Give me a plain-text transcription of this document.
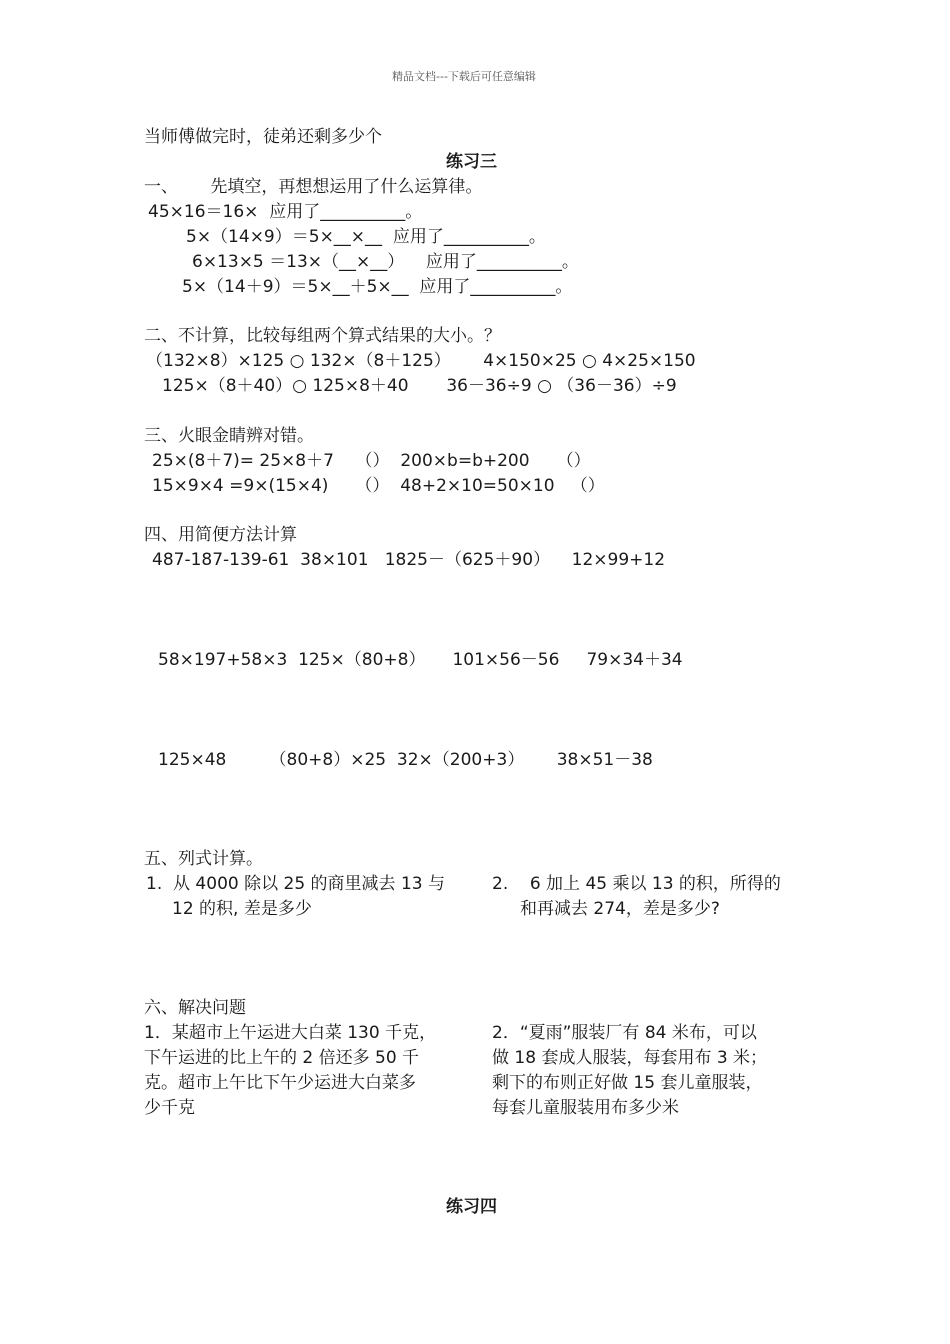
精品文档---下载后可任意编辑
当师傅做完时，徒弟还剩多少个
练习三
一、      先填空，再想想运用了什么运算律。
45×16＝16×  应用了__________。
5×（14×9）＝5×__×__  应用了__________。
6×13×5 ＝13×（__×__）    应用了__________。
5×（14＋9）＝5×__＋5×__  应用了__________。
二、不计算，比较每组两个算式结果的大小。？
（132×8）×125 ○ 132×（8＋125）      4×150×25 ○ 4×25×150
125×（8＋40）○ 125×8＋40       36－36÷9 ○ （36－36）÷9
三、火眼金睛辨对错。
25×(8＋7)= 25×8＋7    （）  200×b=b+200     （）
15×9×4 =9×(15×4)     （）  48+2×10=50×10   （）
四、用简便方法计算
487-187-139-61  38×101   1825－（625＋90）    12×99+12
58×197+58×3  125×（80+8）     101×56－56     79×34＋34
125×48        （80+8）×25  32×（200+3）      38×51－38
五、列式计算。
1.  从 4000 除以 25 的商里减去 13 与
12 的积, 差是多少
2.    6 加上 45 乘以 13 的积，所得的
和再减去 274，差是多少?
六、解决问题
1．某超市上午运进大白菜 130 千克，
下午运进的比上午的 2 倍还多 50 千
克。超市上午比下午少运进大白菜多
少千克
2．“夏雨”服装厂有 84 米布，可以
做 18 套成人服装，每套用布 3 米；
剩下的布则正好做 15 套儿童服装，
每套儿童服装用布多少米
练习四
